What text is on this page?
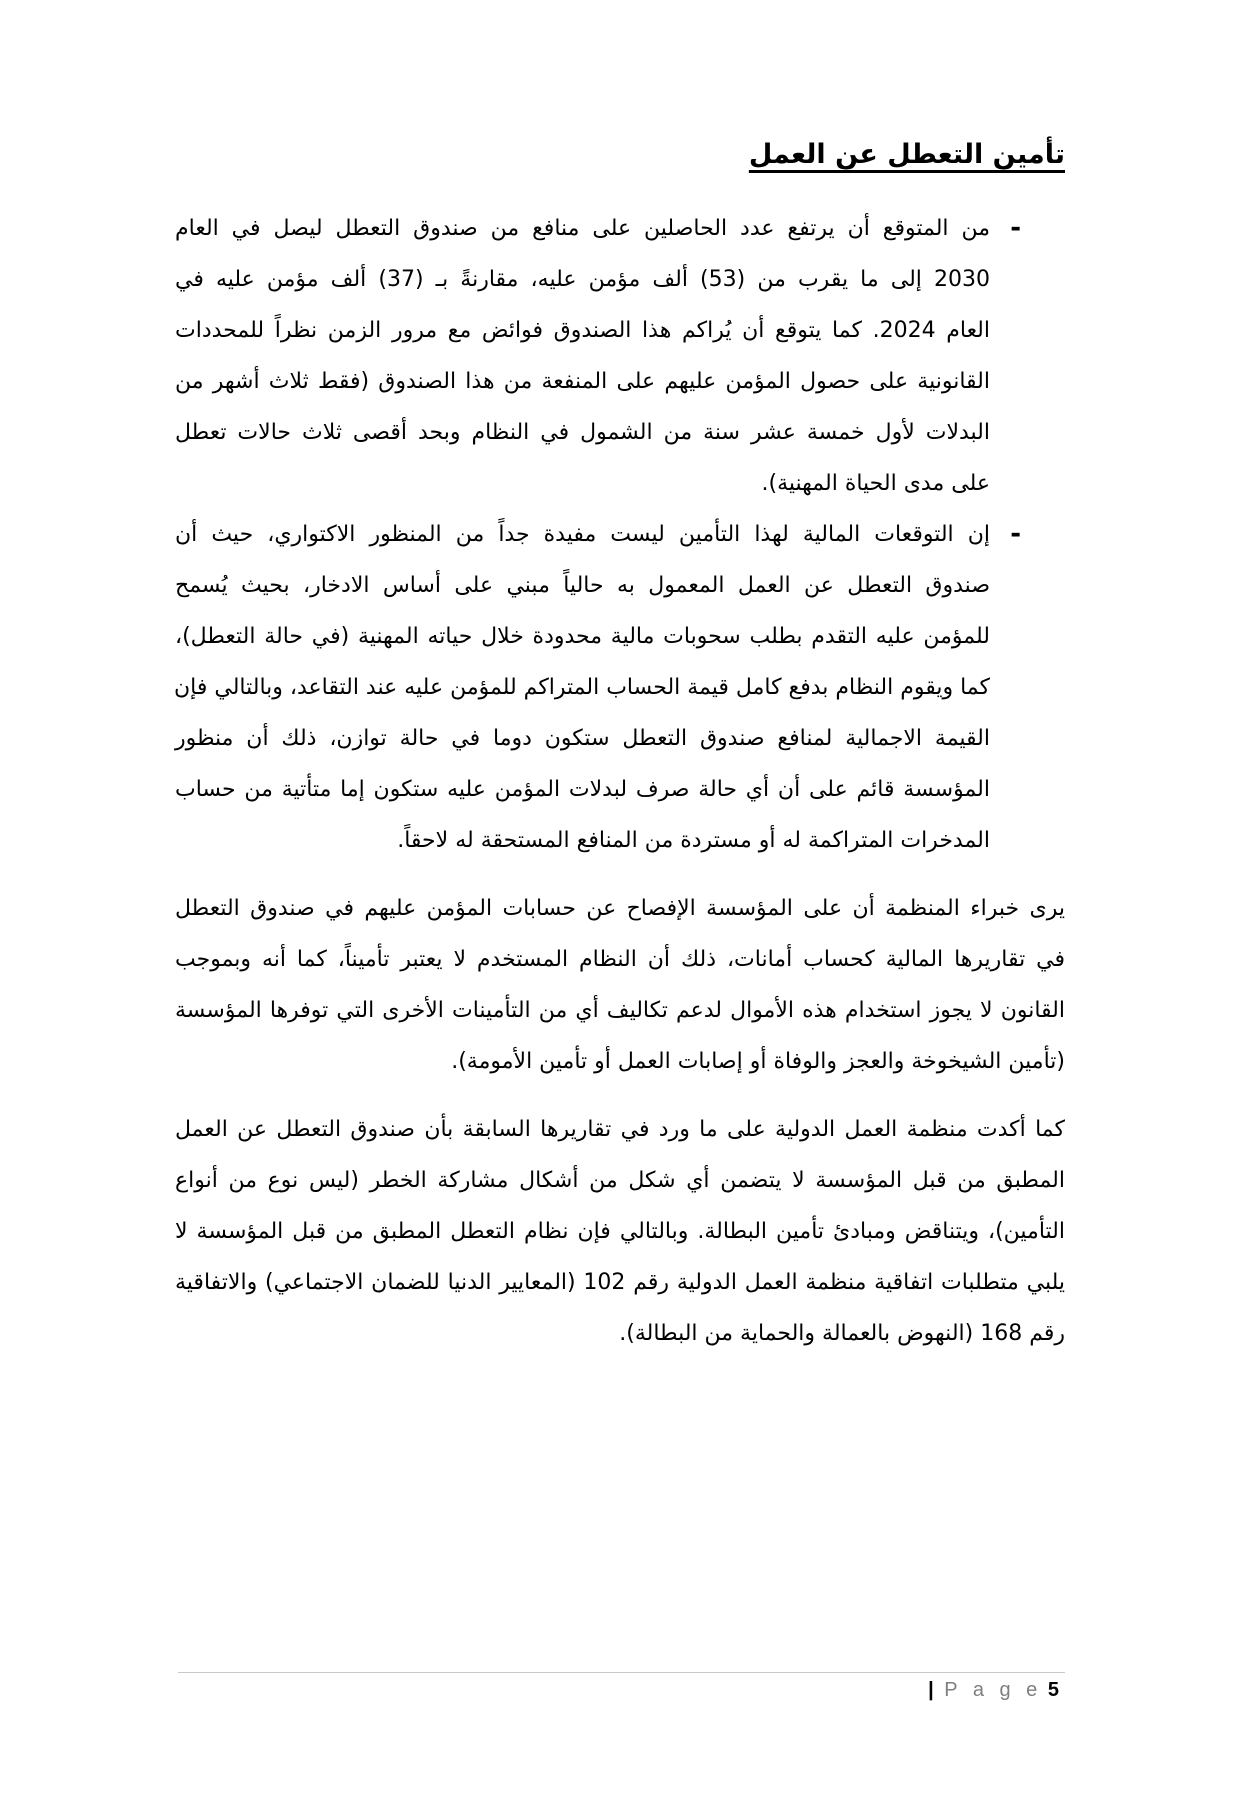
تأمين التعطل عن العمل
-
من المتوقع أن يرتفع عدد الحاصلين على منافع من صندوق التعطل ليصل في العام
2030 إلى ما يقرب من (53) ألف مؤمن عليه، مقارنةً بـ (37) ألف مؤمن عليه في
العام 2024. كما يتوقع أن يُراكم هذا الصندوق فوائض مع مرور الزمن نظراً للمحددات
القانونية على حصول المؤمن عليهم على المنفعة من هذا الصندوق (فقط ثلاث أشهر من
البدلات لأول خمسة عشر سنة من الشمول في النظام وبحد أقصى ثلاث حالات تعطل
على مدى الحياة المهنية).
-
إن التوقعات المالية لهذا التأمين ليست مفيدة جداً من المنظور الاكتواري، حيث أن
صندوق التعطل عن العمل المعمول به حالياً مبني على أساس الادخار، بحيث يُسمح
للمؤمن عليه التقدم بطلب سحوبات مالية محدودة خلال حياته المهنية (في حالة التعطل)،
كما ويقوم النظام بدفع كامل قيمة الحساب المتراكم للمؤمن عليه عند التقاعد، وبالتالي فإن
القيمة الاجمالية لمنافع صندوق التعطل ستكون دوما في حالة توازن، ذلك أن منظور
المؤسسة قائم على أن أي حالة صرف لبدلات المؤمن عليه ستكون إما متأتية من حساب
المدخرات المتراكمة له أو مستردة من المنافع المستحقة له لاحقاً.
يرى خبراء المنظمة أن على المؤسسة الإفصاح عن حسابات المؤمن عليهم في صندوق التعطل
في تقاريرها المالية كحساب أمانات، ذلك أن النظام المستخدم لا يعتبر تأميناً، كما أنه وبموجب
القانون لا يجوز استخدام هذه الأموال لدعم تكاليف أي من التأمينات الأخرى التي توفرها المؤسسة
(تأمين الشيخوخة والعجز والوفاة أو إصابات العمل أو تأمين الأمومة).
كما أكدت منظمة العمل الدولية على ما ورد في تقاريرها السابقة بأن صندوق التعطل عن العمل
المطبق من قبل المؤسسة لا يتضمن أي شكل من أشكال مشاركة الخطر (ليس نوع من أنواع
التأمين)، ويتناقض ومبادئ تأمين البطالة. وبالتالي فإن نظام التعطل المطبق من قبل المؤسسة لا
يلبي متطلبات اتفاقية منظمة العمل الدولية رقم 102 (المعايير الدنيا للضمان الاجتماعي) والاتفاقية
رقم 168 (النهوض بالعمالة والحماية من البطالة).
| P a g e 5
